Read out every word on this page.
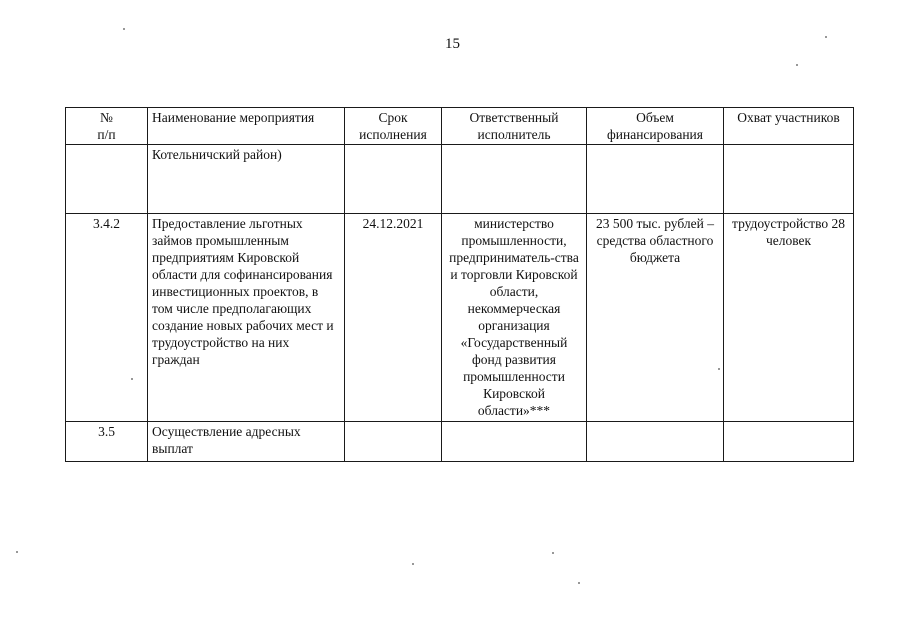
15
№
п/п	Наименование мероприятия	Срок исполнения	Ответственный исполнитель	Объем финансирования	Охват участников
	Котельничский район)				
3.4.2	Предоставление льготных займов промышленным предприятиям Кировской области для софинансирования инвестиционных проектов, в том числе предполагающих создание новых рабочих мест и трудоустройство на них граждан	24.12.2021	министерство промышленности, предприниматель-ства и торговли Кировской области, некоммерческая организация «Государственный фонд развития промышленности Кировской области»***	23 500 тыс. рублей – средства областного бюджета	трудоустройство 28 человек
3.5	Осуществление адресных выплат				
